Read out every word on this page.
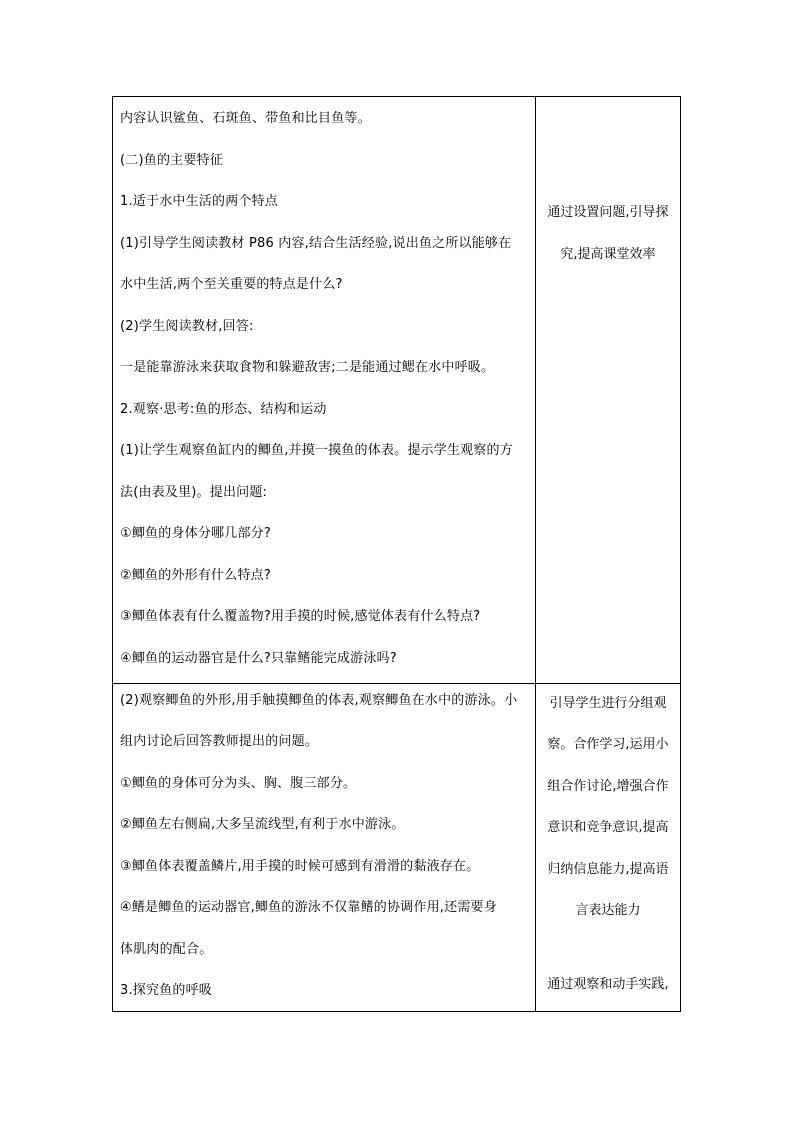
内容认识鲨鱼、石斑鱼、带鱼和比目鱼等。
(二)鱼的主要特征
1.适于水中生活的两个特点
(1)引导学生阅读教材 P86 内容,结合生活经验,说出鱼之所以能够在
水中生活,两个至关重要的特点是什么?
(2)学生阅读教材,回答:
一是能靠游泳来获取食物和躲避敌害;二是能通过鳃在水中呼吸。
2.观察·思考:鱼的形态、结构和运动
(1)让学生观察鱼缸内的鲫鱼,并摸一摸鱼的体表。提示学生观察的方
法(由表及里)。提出问题:
①鲫鱼的身体分哪几部分?
②鲫鱼的外形有什么特点?
③鲫鱼体表有什么覆盖物?用手摸的时候,感觉体表有什么特点?
④鲫鱼的运动器官是什么?只靠鳍能完成游泳吗?
通过设置问题,引导探
究,提高课堂效率
(2)观察鲫鱼的外形,用手触摸鲫鱼的体表,观察鲫鱼在水中的游泳。小
组内讨论后回答教师提出的问题。
①鲫鱼的身体可分为头、胸、腹三部分。
②鲫鱼左右侧扁,大多呈流线型,有利于水中游泳。
③鲫鱼体表覆盖鳞片,用手摸的时候可感到有滑滑的黏液存在。
④鳍是鲫鱼的运动器官,鲫鱼的游泳不仅靠鳍的协调作用,还需要身
体肌肉的配合。
3.探究鱼的呼吸
引导学生进行分组观
察。合作学习,运用小
组合作讨论,增强合作
意识和竞争意识,提高
归纳信息能力,提高语
言表达能力
通过观察和动手实践,
